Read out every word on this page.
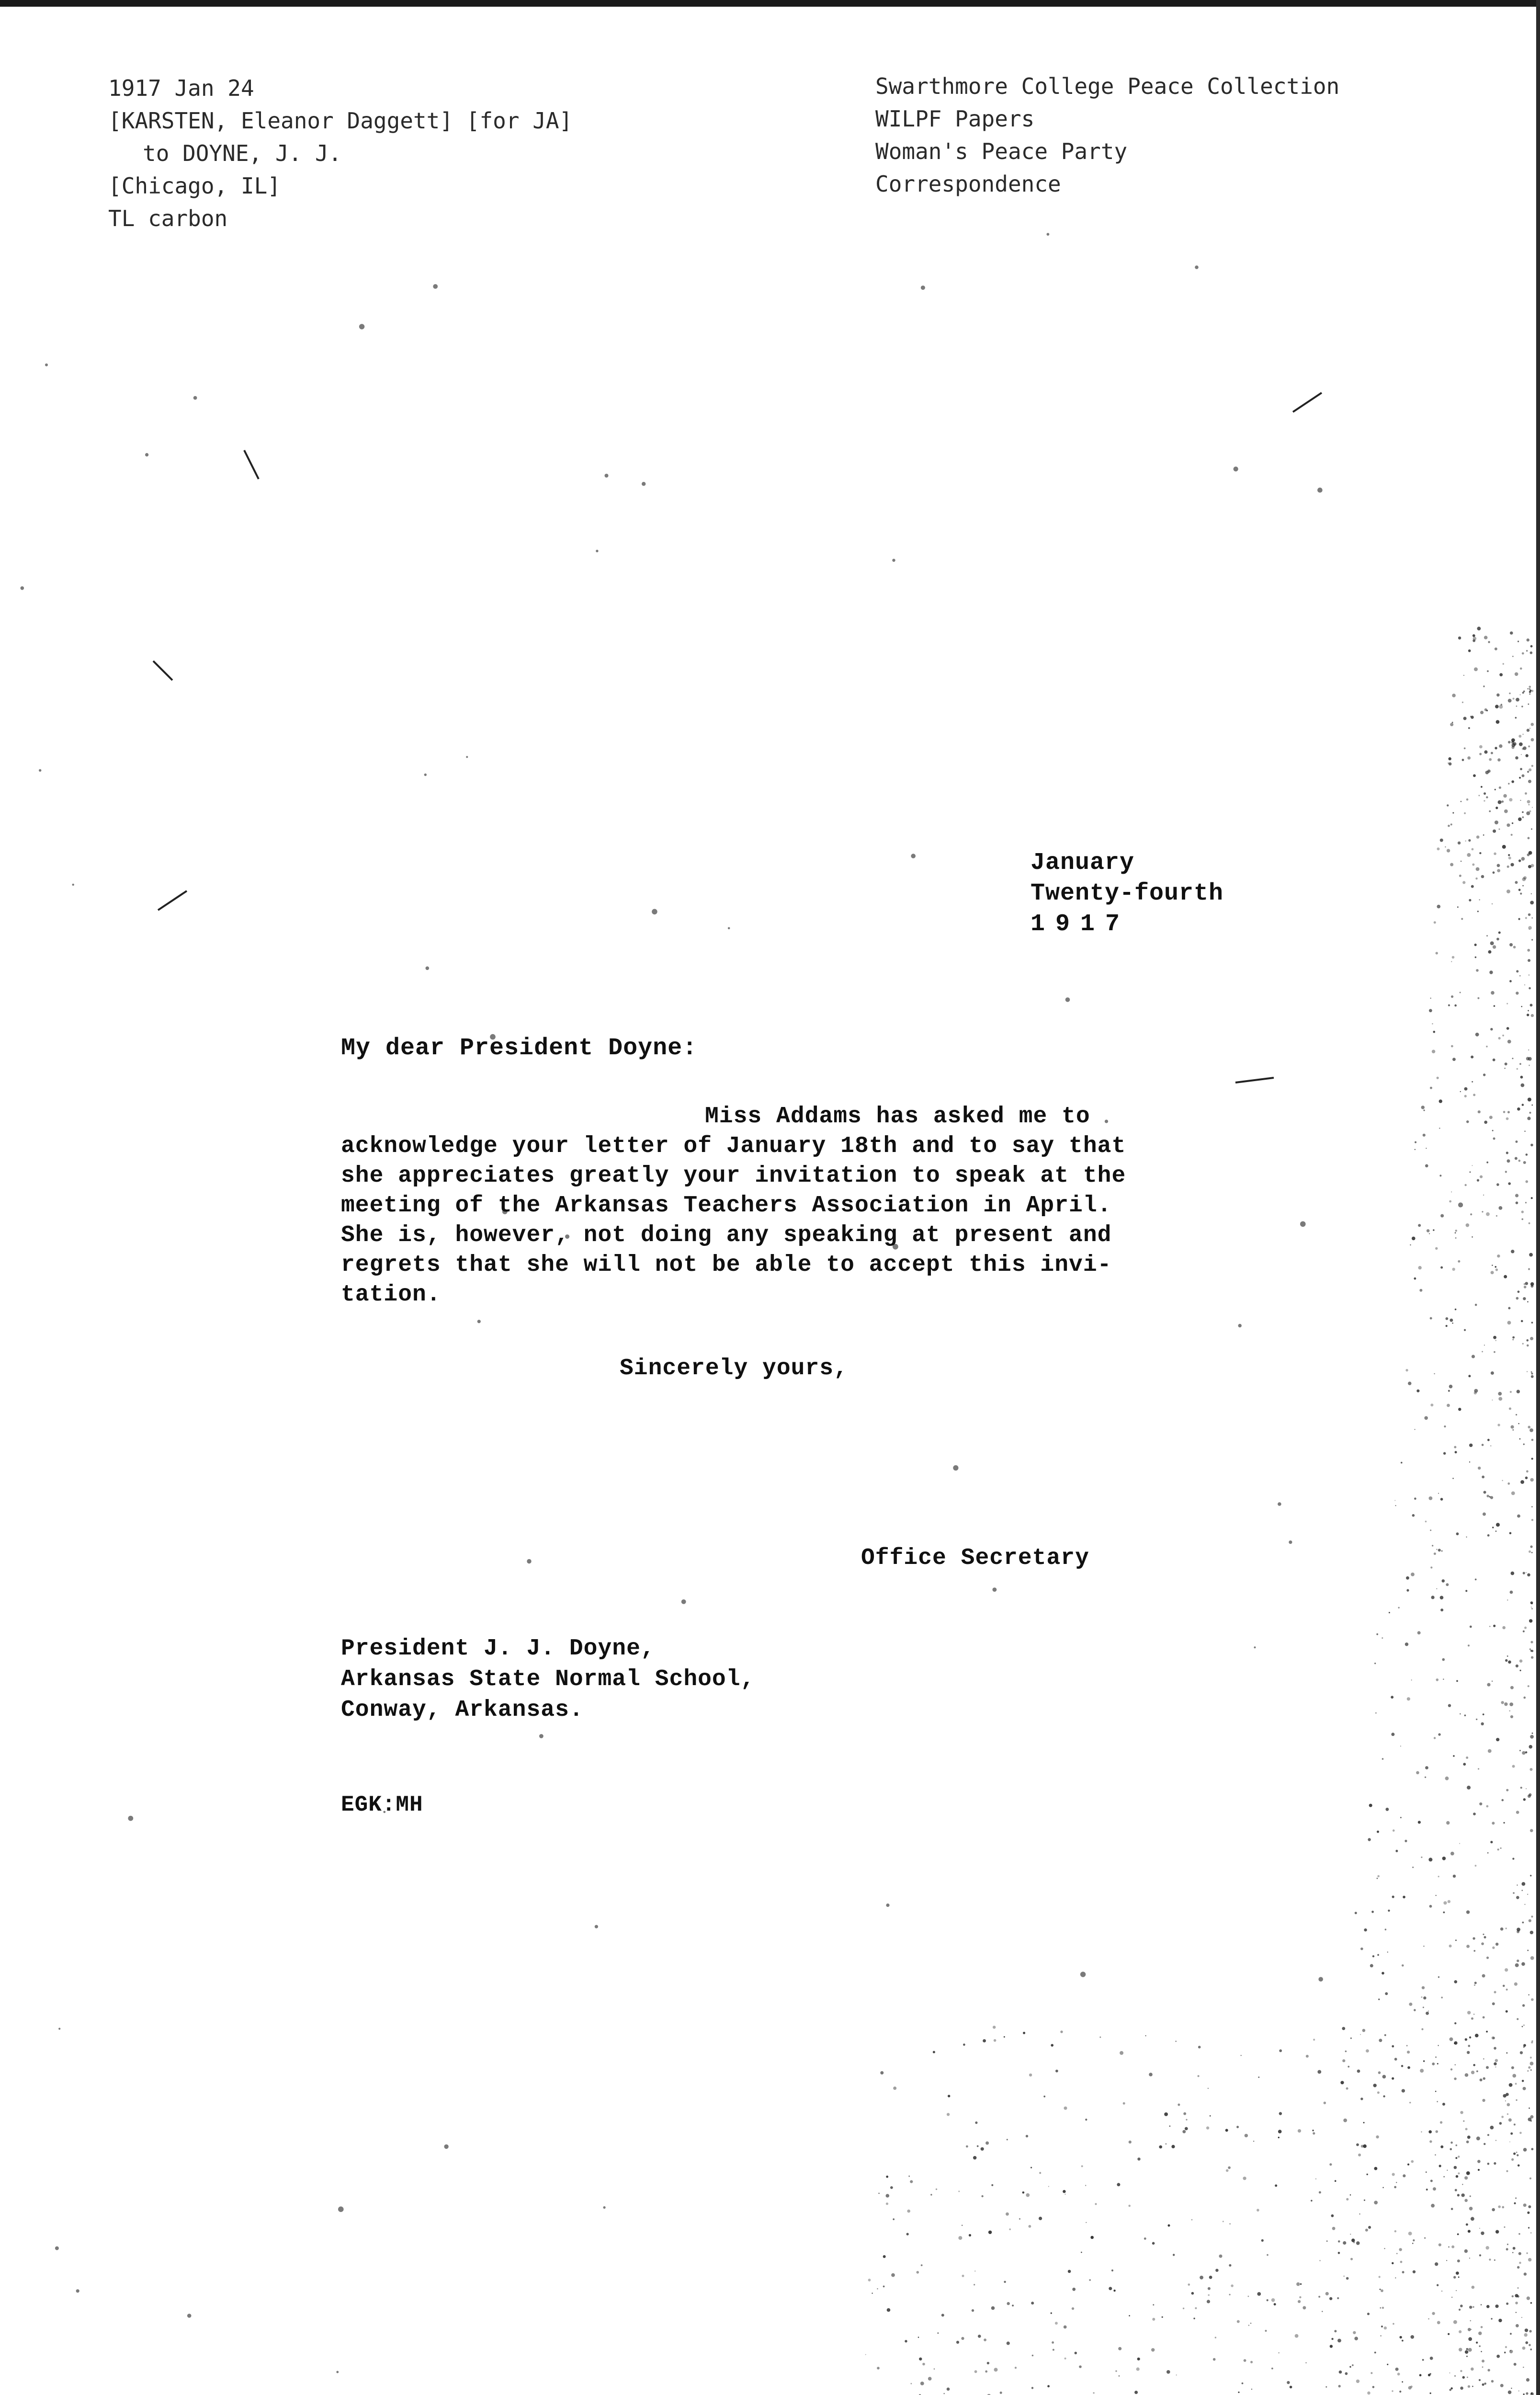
1917 Jan 24
[KARSTEN, Eleanor Daggett] [for JA]
to DOYNE, J. J.
[Chicago, IL]
TL carbon
Swarthmore College Peace Collection
WILPF Papers
Woman's Peace Party
Correspondence
January
Twenty-fourth
1917
My dear President Doyne:
Miss Addams has asked me to
acknowledge your letter of January 18th and to say that
she appreciates greatly your invitation to speak at the
meeting of the Arkansas Teachers Association in April.
She is, however, not doing any speaking at present and
regrets that she will not be able to accept this invi-
tation.
Sincerely yours,
Office Secretary
President J. J. Doyne,
Arkansas State Normal School,
Conway, Arkansas.
EGK:MH
